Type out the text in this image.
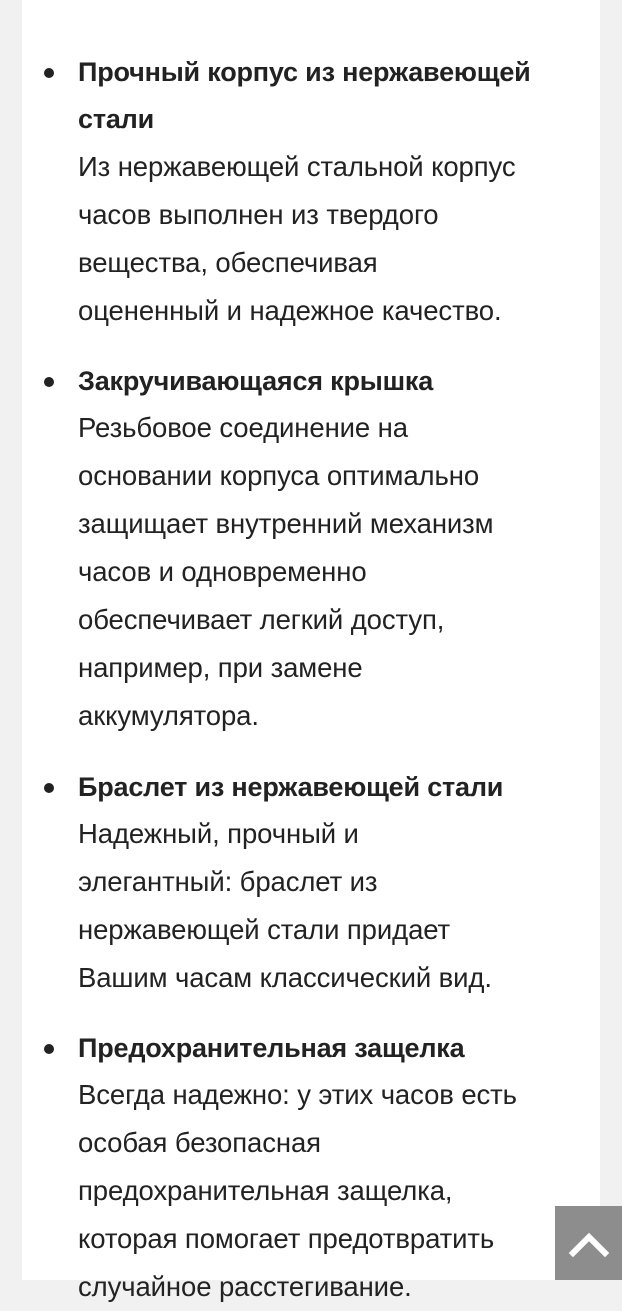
Прочный корпус из нержавеющей
стали
Из нержавеющей стальной корпус
часов выполнен из твердого
вещества, обеспечивая
оцененный и надежное качество.
Закручивающаяся крышка
Резьбовое соединение на
основании корпуса оптимально
защищает внутренний механизм
часов и одновременно
обеспечивает легкий доступ,
например, при замене
аккумулятора.
Браслет из нержавеющей стали
Надежный, прочный и
элегантный: браслет из
нержавеющей стали придает
Вашим часам классический вид.
Предохранительная защелка
Всегда надежно: у этих часов есть
особая безопасная
предохранительная защелка,
которая помогает предотвратить
случайное расстегивание.
